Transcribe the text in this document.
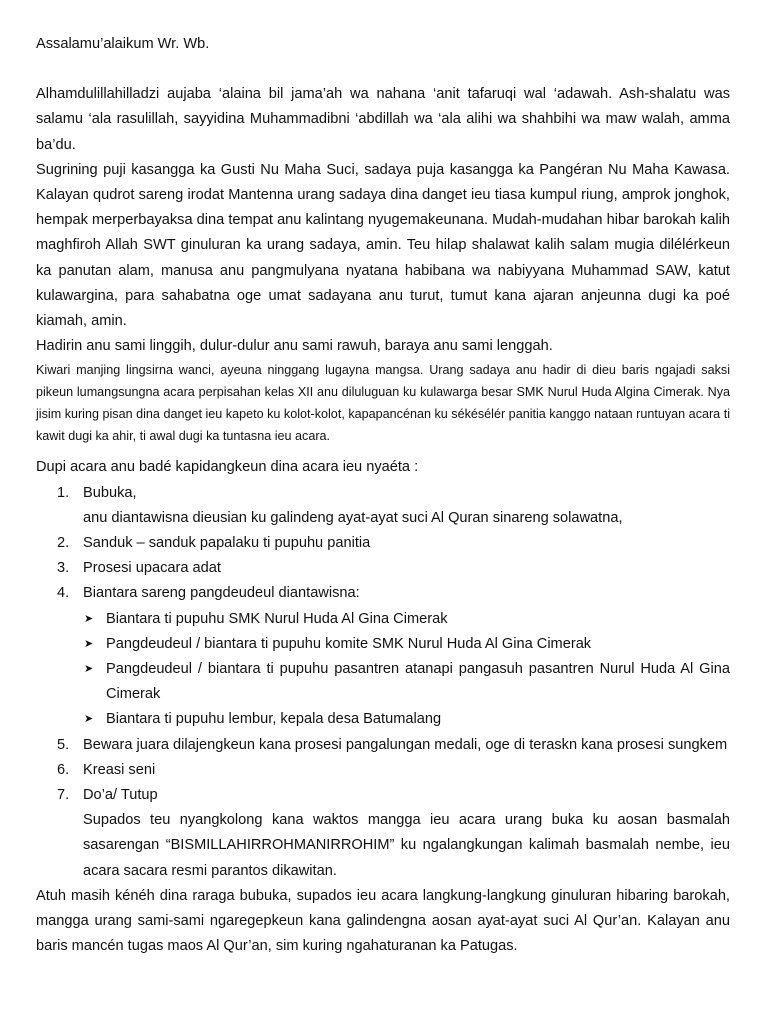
Assalamu’alaikum Wr. Wb.

Alhamdulillahilladzi aujaba ‘alaina bil jama’ah wa nahana ‘anit tafaruqi wal ‘adawah. Ash-shalatu was salamu ‘ala rasulillah, sayyidina Muhammadibni ‘abdillah wa ‘ala alihi wa shahbihi wa maw walah, amma ba’du.

Sugrining puji kasangga ka Gusti Nu Maha Suci, sadaya puja kasangga ka Pangéran Nu Maha Kawasa. Kalayan qudrot sareng irodat Mantenna urang sadaya dina danget ieu tiasa kumpul riung, amprok jonghok, hempak merperbayaksa dina tempat anu kalintang nyugemakeunana. Mudah-mudahan hibar barokah kalih maghfiroh Allah SWT ginuluran ka urang sadaya, amin. Teu hilap shalawat kalih salam mugia dilélérkeun ka panutan alam, manusa anu pangmulyana nyatana habibana wa nabiyyana Muhammad SAW, katut kulawargina, para sahabatna oge umat sadayana anu turut, tumut kana ajaran anjeunna dugi ka poé kiamah, amin.

Hadirin anu sami linggih, dulur-dulur anu sami rawuh, baraya anu sami lenggah.

Kiwari manjing lingsirna wanci, ayeuna ninggang lugayna mangsa. Urang sadaya anu hadir di dieu baris ngajadi saksi pikeun lumangsungna acara perpisahan kelas XII anu diluluguan ku kulawarga besar SMK Nurul Huda Algina Cimerak. Nya jisim kuring pisan dina danget ieu kapeto ku kolot-kolot, kapapancénan ku sékésélér panitia kanggo nataan runtuyan acara ti kawit dugi ka ahir, ti awal dugi ka tuntasna ieu acara.

Dupi acara anu badé kapidangkeun dina acara ieu nyaéta :

1. Bubuka,
anu diantawisna dieusian ku galindeng ayat-ayat suci Al Quran sinareng solawatna,
2. Sanduk – sanduk papalaku ti pupuhu panitia
3. Prosesi upacara adat
4. Biantara sareng pangdeudeul diantawisna:
➤ Biantara ti pupuhu SMK Nurul Huda Al Gina Cimerak
➤ Pangdeudeul / biantara ti pupuhu komite SMK Nurul Huda Al Gina Cimerak
➤ Pangdeudeul / biantara ti pupuhu pasantren atanapi pangasuh pasantren Nurul Huda Al Gina Cimerak
➤ Biantara ti pupuhu lembur, kepala desa Batumalang
5. Bewara juara dilajengkeun kana prosesi pangalungan medali, oge di teraskn kana prosesi sungkem
6. Kreasi seni
7. Do’a/ Tutup
Supados teu nyangkolong kana waktos mangga ieu acara urang buka ku aosan basmalah sasarengan “BISMILLAHIRROHMANIRROHIM” ku ngalangkungan kalimah basmalah nembe, ieu acara sacara resmi parantos dikawitan.

Atuh masih kénéh dina raraga bubuka, supados ieu acara langkung-langkung ginuluran hibaring barokah, mangga urang sami-sami ngaregepkeun kana galindengna aosan ayat-ayat suci Al Qur’an. Kalayan anu baris mancén tugas maos Al Qur’an, sim kuring ngahaturanan ka Patugas.
